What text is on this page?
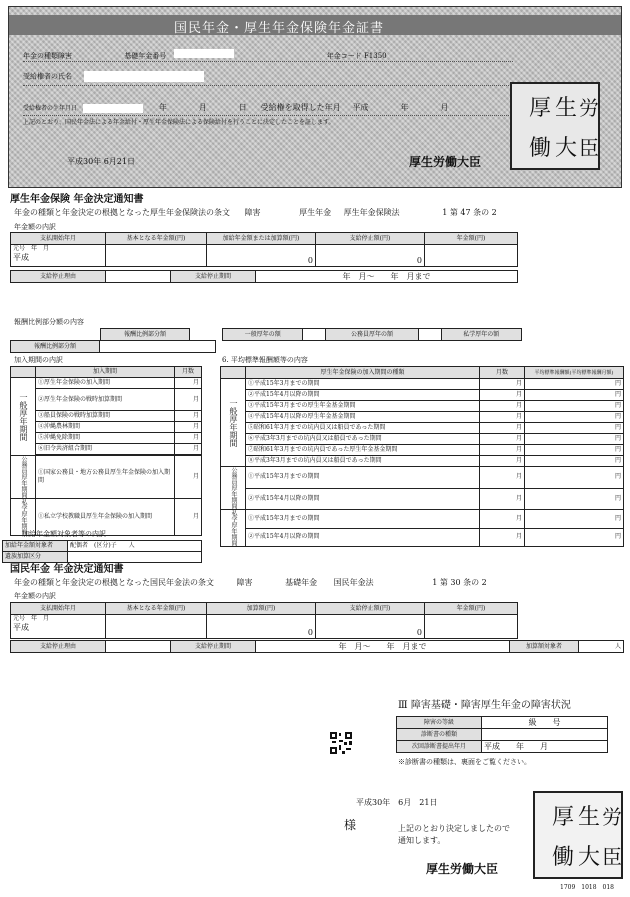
国民年金・厚生年金保険年金証書
年金の種類障害	基礎年金番号	年金コード F1350
受給権者の氏名
受給権者の生年月日	年	月	日 受給権を取得した年月 平成	年	月
上記のとおり、国民年金法による年金給付・厚生年金保険法による保険給付を行うことに決定したことを証します。
平成30年 6月21日	厚生労働大臣
厚 生 労
働 大 臣
厚生年金保険 年金決定通知書
年金の種類と年金決定の根拠となった厚生年金保険法の条文 障害	厚生年金 厚生年金保険法	1 第 47 条の 2
年金額の内訳
支払開始年月	基本となる年金額(円)	加給年金額または加算額(円)	支給停止額(円)	年金額(円)

元号　年　月
平成		0	0	
支給停止理由		支給停止期間	年　月～　　年　月まで
報酬比例部分額の内容
報酬比例部分額	一般厚年の額		公務員厚年の額		私学厚年の額
報酬比例部分額	
加入期間の内訳
	加入期間	月数
一般厚年期間	①厚生年金保険の加入期間	月
	②厚生年金保険の戦時加算期間	月
	③船員保険の戦時加算期間	月
	④沖縄農林期間	月
	⑤沖縄免除期間	月
	⑥旧令共済組合期間	月

公務員厚年期間	①国家公務員・地方公務員厚生年金保険の加入期間	月
私学厚年期間	①私立学校教職員厚生年金保険の加入期間	月
加給年金額対象者等の内訳
加給年金額対象者	配偶者　(区分)子　　人
遺族加算区分	
6. 平均標準報酬額等の内容
	厚生年金保険の加入期間の種類	月数	平均標準報酬額(平均標準報酬月額)
一般厚年期間	①平成15年3月までの期間	月	円
	②平成15年4月以降の期間	月	円
	③平成15年3月までの厚生年金基金期間	月	円
	④平成15年4月以降の厚生年金基金期間	月	円
	⑤昭和61年3月までの坑内員又は船員であった期間	月	円
	⑥平成3年3月までの坑内員又は船員であった期間	月	円
	⑦昭和61年3月までの坑内員であった厚生年金基金期間	月	円
	⑧平成3年3月までの坑内員又は船員であった期間	月	円
公務員厚年期間	①平成15年3月までの期間	月	円
	②平成15年4月以降の期間	月	円
私学厚年期間	①平成15年3月までの期間	月	円
	②平成15年4月以降の期間	月	円
国民年金 年金決定通知書
年金の種類と年金決定の根拠となった国民年金法の条文	障害	基礎年金 国民年金法	1 第 30 条の 2
年金額の内訳
支払開始年月	基本となる年金額(円)	加算額(円)	支給停止額(円)	年金額(円)

元号　年　月
平成		0	0	
支給停止理由		支給停止期間	年　月～　　年　月まで	加算額対象者	人
Ⅲ 障害基礎・障害厚生年金の障害状況
障害の等級	級　　号
診断書の種類	
次回診断書提出年月	平成　　年　　月
※診断書の種類は、裏面をご覧ください。
平成30年　6月　21日
様	上記のとおり決定しましたので
通知します。
厚生労働大臣
1709　1018　018
厚 生 労
働 大 臣
